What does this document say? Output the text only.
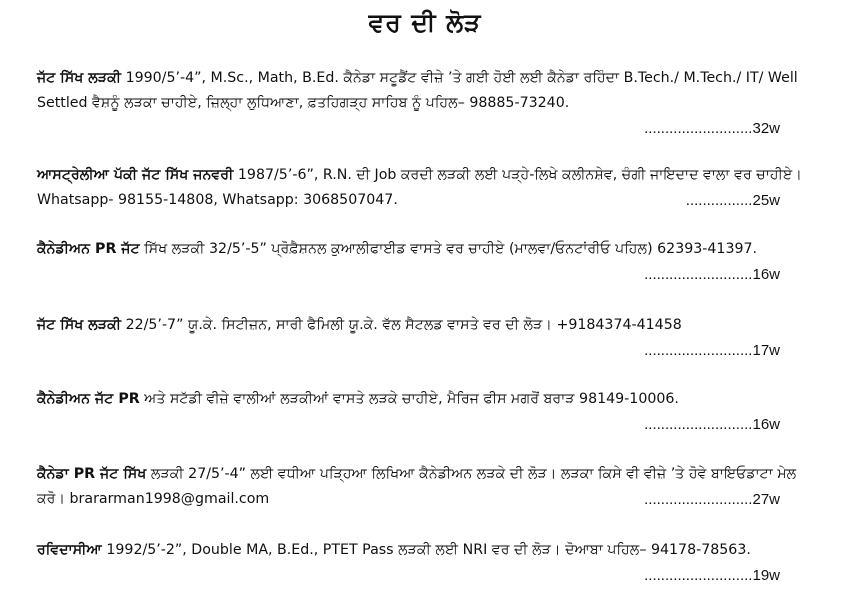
ਵਰ ਦੀ ਲੋੜ
ਜੱਟ ਸਿੱਖ ਲੜਕੀ 1990/5’-4”, M.Sc., Math, B.Ed. ਕੈਨੇਡਾ ਸਟੂਡੈਂਟ ਵੀਜ਼ੇ ’ਤੇ ਗਈ ਹੋਈ ਲਈ ਕੈਨੇਡਾ ਰਹਿੰਦਾ B.Tech./ M.Tech./ IT/ Well Settled ਵੈਸ਼ਨੂੰ ਲੜਕਾ ਚਾਹੀਏ, ਜ਼ਿਲ੍ਹਾ ਲੁਧਿਆਣਾ, ਫ਼ਤਹਿਗੜ੍ਹ ਸਾਹਿਬ ਨੂੰ ਪਹਿਲ– 98885-73240.
..........................32w
ਆਸਟ੍ਰੇਲੀਆ ਪੱਕੀ ਜੱਟ ਸਿੱਖ ਜਨਵਰੀ 1987/5’-6”, R.N. ਦੀ Job ਕਰਦੀ ਲੜਕੀ ਲਈ ਪੜ੍ਹੇ-ਲਿਖੇ ਕਲੀਨਸ਼ੇਵ, ਚੰਗੀ ਜਾਇਦਾਦ ਵਾਲਾ ਵਰ ਚਾਹੀਏ। Whatsapp- 98155-14808, Whatsapp: 3068507047.	................25w
ਕੈਨੇਡੀਅਨ PR ਜੱਟ ਸਿੱਖ ਲੜਕੀ 32/5’-5” ਪ੍ਰੋਫ਼ੈਸ਼ਨਲ ਕੁਆਲੀਫਾਈਡ ਵਾਸਤੇ ਵਰ ਚਾਹੀਏ (ਮਾਲਵਾ/ਓਨਟਾਂਰੀਓ ਪਹਿਲ) 62393-41397.
..........................16w
ਜੱਟ ਸਿੱਖ ਲੜਕੀ 22/5’-7” ਯੂ.ਕੇ. ਸਿਟੀਜ਼ਨ, ਸਾਰੀ ਫੈਮਿਲੀ ਯੂ.ਕੇ. ਵੱਲ ਸੈਟਲਡ ਵਾਸਤੇ ਵਰ ਦੀ ਲੋੜ। +9184374-41458
..........................17w
ਕੈਨੇਡੀਅਨ ਜੱਟ PR ਅਤੇ ਸਟੱਡੀ ਵੀਜ਼ੇ ਵਾਲੀਆਂ ਲੜਕੀਆਂ ਵਾਸਤੇ ਲੜਕੇ ਚਾਹੀਏ, ਮੈਰਿਜ ਫੀਸ ਮਗਰੋਂ ਬਰਾੜ 98149-10006.
..........................16w
ਕੈਨੇਡਾ PR ਜੱਟ ਸਿੱਖ ਲੜਕੀ 27/5’-4” ਲਈ ਵਧੀਆ ਪੜ੍ਹਿਆ ਲਿਖਿਆ ਕੈਨੇਡੀਅਨ ਲੜਕੇ ਦੀ ਲੋੜ। ਲੜਕਾ ਕਿਸੇ ਵੀ ਵੀਜ਼ੇ ’ਤੇ ਹੋਵੇ ਬਾਇਓਡਾਟਾ ਮੇਲ ਕਰੋ। brararman1998@gmail.com	..........................27w
ਰਵਿਦਾਸੀਆ 1992/5’-2”, Double MA, B.Ed., PTET Pass ਲੜਕੀ ਲਈ NRI ਵਰ ਦੀ ਲੋੜ। ਦੋਆਬਾ ਪਹਿਲ– 94178-78563.
..........................19w
